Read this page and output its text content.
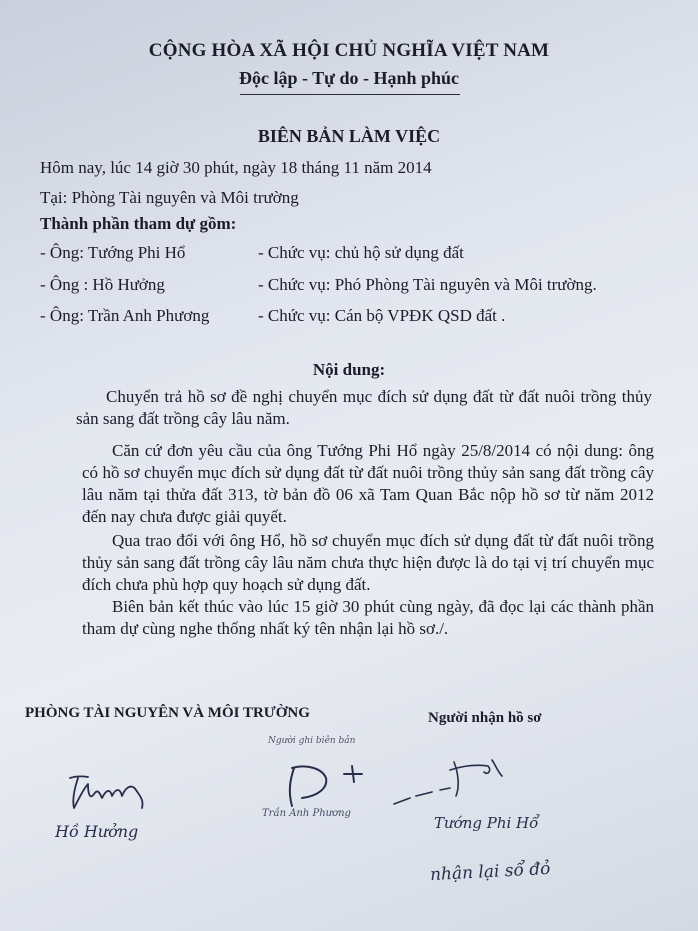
CỘNG HÒA XÃ HỘI CHỦ NGHĨA VIỆT NAM
Độc lập - Tự do - Hạnh phúc
BIÊN BẢN LÀM VIỆC
Hôm nay, lúc 14 giờ 30 phút, ngày 18 tháng 11 năm 2014
Tại: Phòng Tài nguyên và Môi trường
Thành phần tham dự gồm:
- Ông: Tướng Phi Hổ	- Chức vụ: chủ hộ sử dụng đất
- Ông : Hồ Hưởng	- Chức vụ: Phó Phòng Tài nguyên và Môi trường.
- Ông: Trần Anh Phương	- Chức vụ: Cán bộ VPĐK QSD đất .
Nội dung:
Chuyển trả hồ sơ đề nghị chuyển mục đích sử dụng đất từ đất nuôi trồng thủy sản sang đất trồng cây lâu năm.
Căn cứ đơn yêu cầu của ông Tướng Phi Hổ ngày 25/8/2014 có nội dung: ông có hồ sơ chuyển mục đích sử dụng đất từ đất nuôi trồng thủy sản sang đất trồng cây lâu năm tại thửa đất 313, tờ bản đồ 06 xã Tam Quan Bắc nộp hồ sơ từ năm 2012 đến nay chưa được giải quyết.
Qua trao đổi với ông Hổ, hồ sơ chuyển mục đích sử dụng đất từ đất nuôi trồng thủy sản sang đất trồng cây lâu năm chưa thực hiện được là do tại vị trí chuyển mục đích chưa phù hợp quy hoạch sử dụng đất.
Biên bản kết thúc vào lúc 15 giờ 30 phút cùng ngày, đã đọc lại các thành phần tham dự cùng nghe thống nhất ký tên nhận lại hồ sơ./.
PHÒNG TÀI NGUYÊN VÀ MÔI TRƯỜNG	Người nhận hồ sơ
Người ghi biên bản
Hồ Hưởng
Trần Anh Phương
Tướng Phi Hổ
nhận lại sổ đỏ
